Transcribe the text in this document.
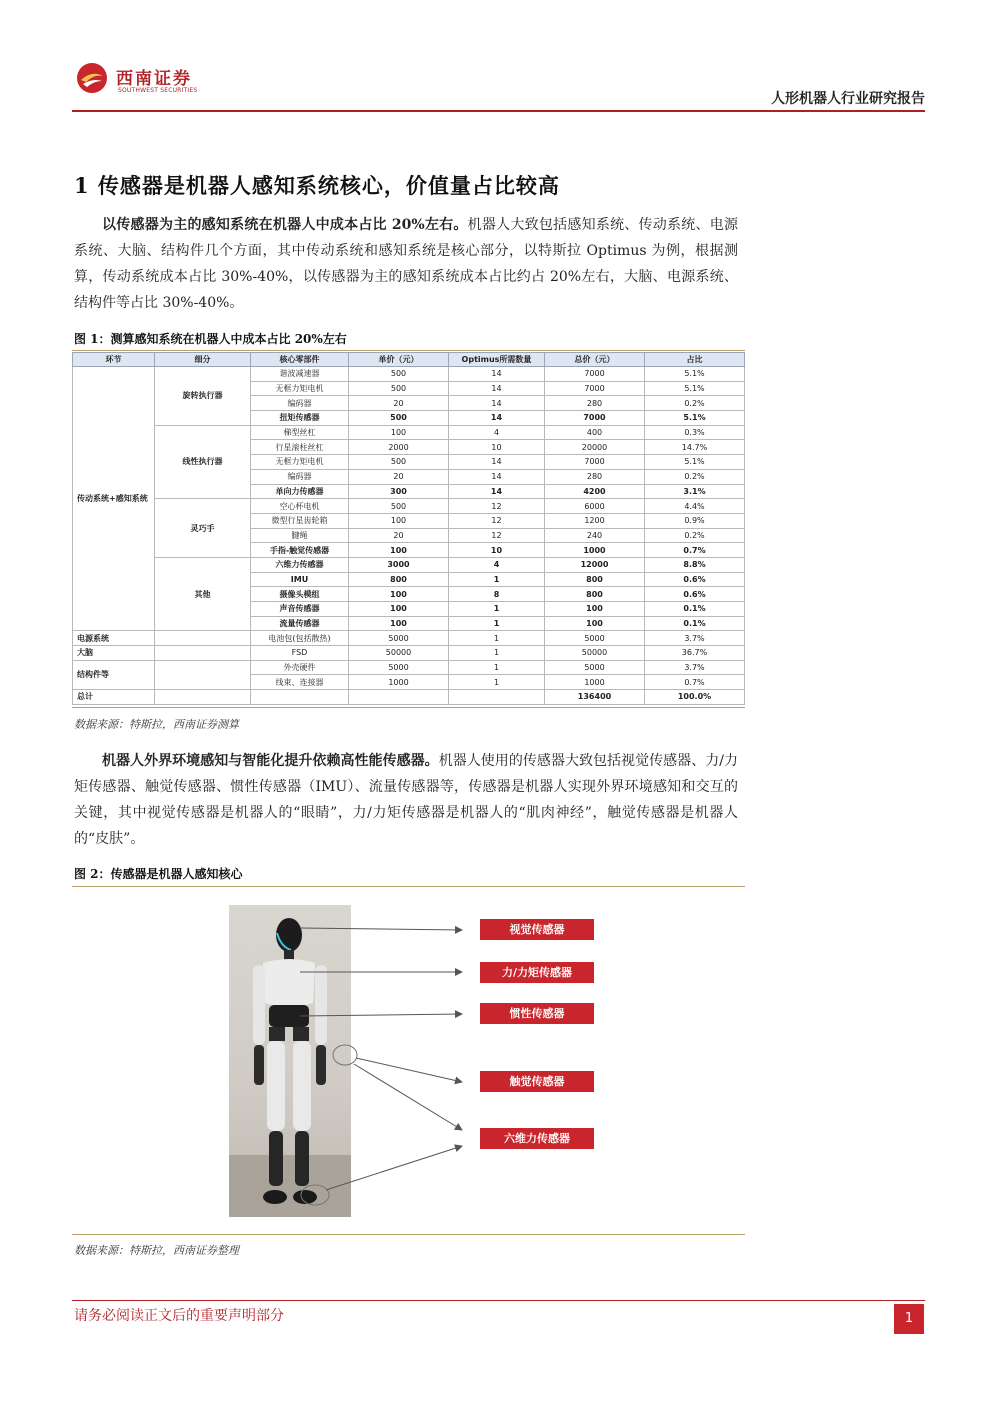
西南证券
SOUTHWEST SECURITIES
人形机器人行业研究报告
1 传感器是机器人感知系统核心，价值量占比较高
以传感器为主的感知系统在机器人中成本占比 20%左右。机器人大致包括感知系统、传动系统、电源系统、大脑、结构件几个方面，其中传动系统和感知系统是核心部分，以特斯拉 Optimus 为例，根据测算，传动系统成本占比 30%-40%，以传感器为主的感知系统成本占比约占 20%左右，大脑、电源系统、结构件等占比 30%-40%。
图 1：测算感知系统在机器人中成本占比 20%左右
环节	细分	核心零部件	单价（元）	Optimus所需数量	总价（元）	占比
传动系统+感知系统	旋转执行器	谐波减速器	500	14	7000	5.1%
		无框力矩电机	500	14	7000	5.1%
		编码器	20	14	280	0.2%
		扭矩传感器	500	14	7000	5.1%
	线性执行器	梯型丝杠	100	4	400	0.3%
		行星滚柱丝杠	2000	10	20000	14.7%
		无框力矩电机	500	14	7000	5.1%
		编码器	20	14	280	0.2%
		单向力传感器	300	14	4200	3.1%
	灵巧手	空心杯电机	500	12	6000	4.4%
		微型行星齿轮箱	100	12	1200	0.9%
		腱绳	20	12	240	0.2%
		手指-触觉传感器	100	10	1000	0.7%
	其他	六维力传感器	3000	4	12000	8.8%
		IMU	800	1	800	0.6%
		摄像头模组	100	8	800	0.6%
		声音传感器	100	1	100	0.1%
		流量传感器	100	1	100	0.1%
电源系统		电池包(包括散热)	5000	1	5000	3.7%
大脑		FSD	50000	1	50000	36.7%
结构件等		外壳硬件	5000	1	5000	3.7%
		线束、连接器	1000	1	1000	0.7%
总计					136400	100.0%
数据来源：特斯拉，西南证券测算
机器人外界环境感知与智能化提升依赖高性能传感器。机器人使用的传感器大致包括视觉传感器、力/力矩传感器、触觉传感器、惯性传感器（IMU）、流量传感器等，传感器是机器人实现外界环境感知和交互的关键，其中视觉传感器是机器人的“眼睛”，力/力矩传感器是机器人的“肌肉神经”，触觉传感器是机器人的“皮肤”。
图 2：传感器是机器人感知核心
视觉传感器
力/力矩传感器
惯性传感器
触觉传感器
六维力传感器
数据来源：特斯拉，西南证券整理
请务必阅读正文后的重要声明部分	1
